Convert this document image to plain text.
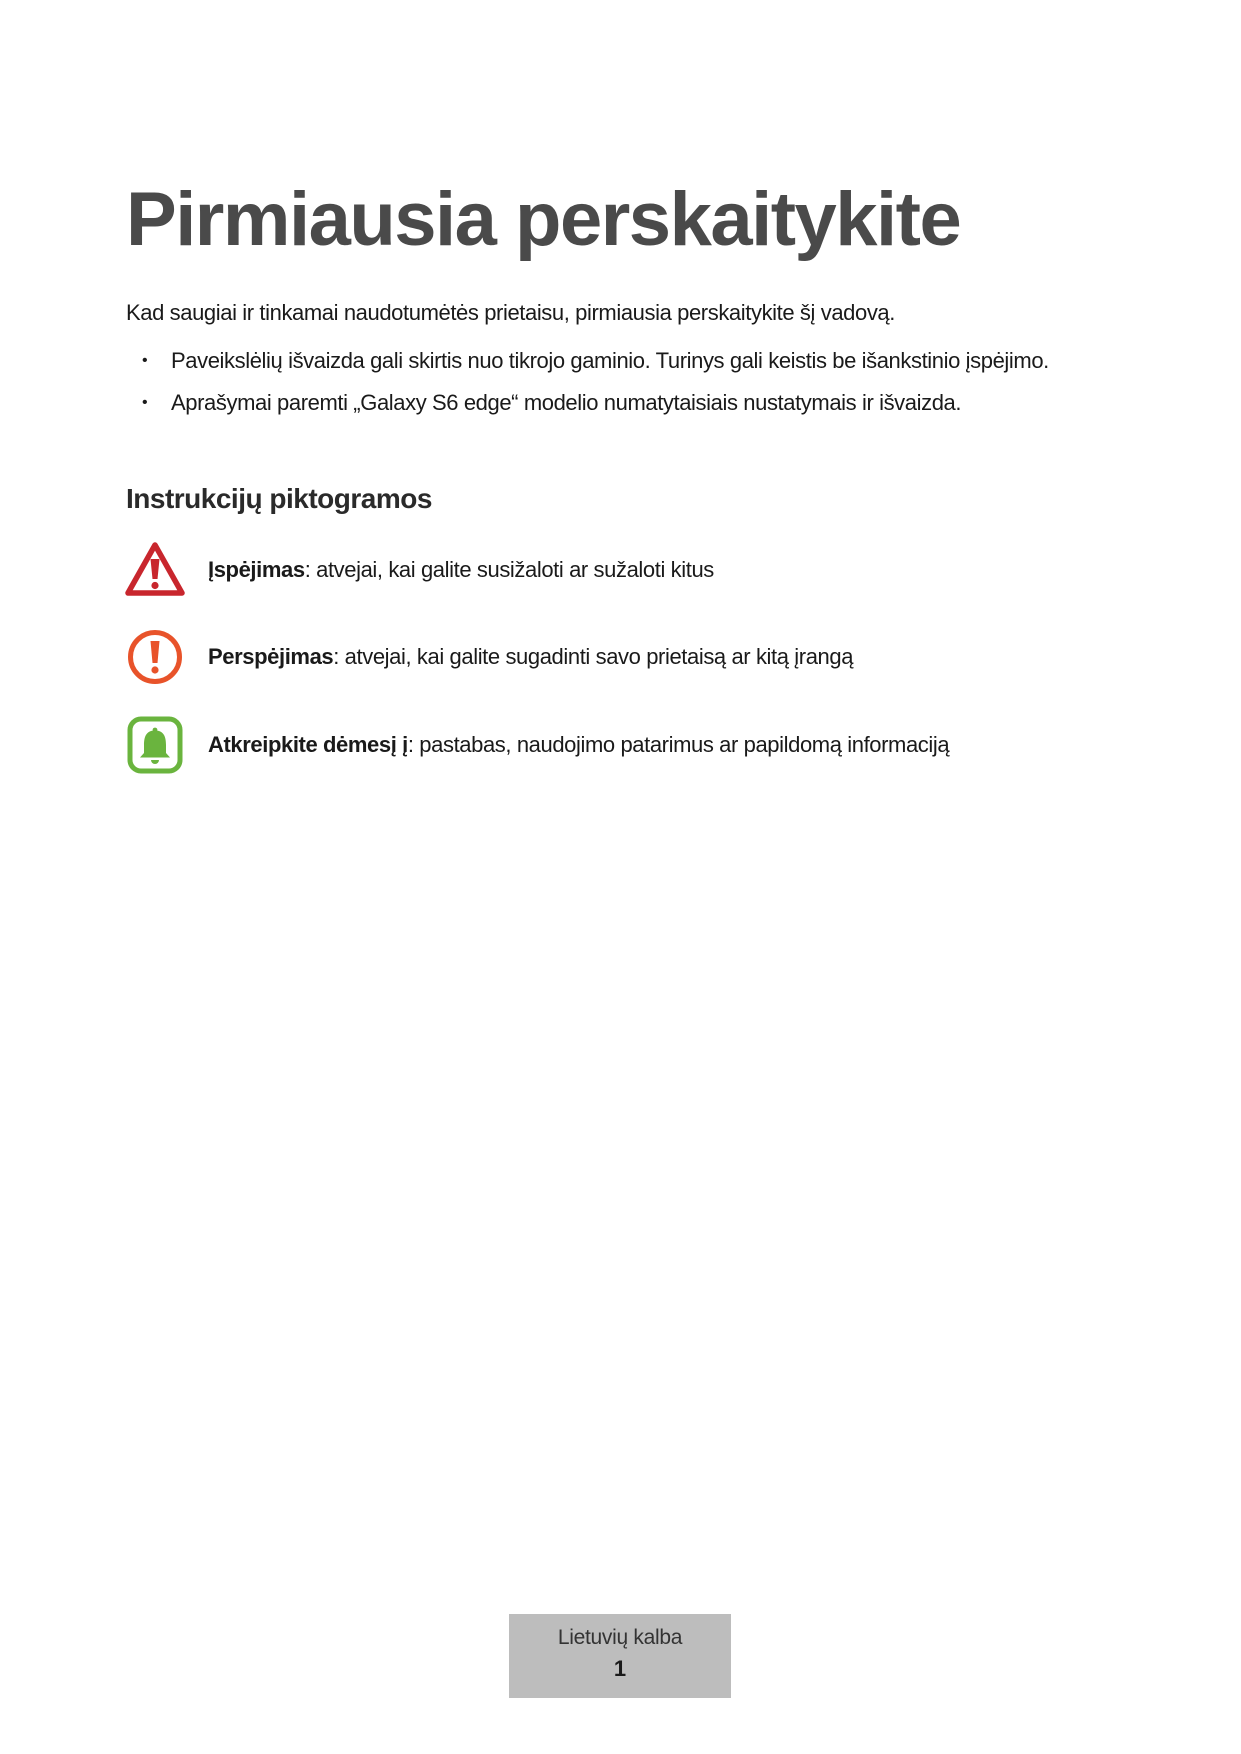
Pirmiausia perskaitykite

Kad saugiai ir tinkamai naudotumėtės prietaisu, pirmiausia perskaitykite šį vadovą.

• Paveikslėlių išvaizda gali skirtis nuo tikrojo gaminio. Turinys gali keistis be išankstinio įspėjimo.
• Aprašymai paremti „Galaxy S6 edge“ modelio numatytaisiais nustatymais ir išvaizda.
Instrukcijų piktogramos
Įspėjimas: atvejai, kai galite susižaloti ar sužaloti kitus
Perspėjimas: atvejai, kai galite sugadinti savo prietaisą ar kitą įrangą
Atkreipkite dėmesį į: pastabas, naudojimo patarimus ar papildomą informaciją
Lietuvių kalba
1
